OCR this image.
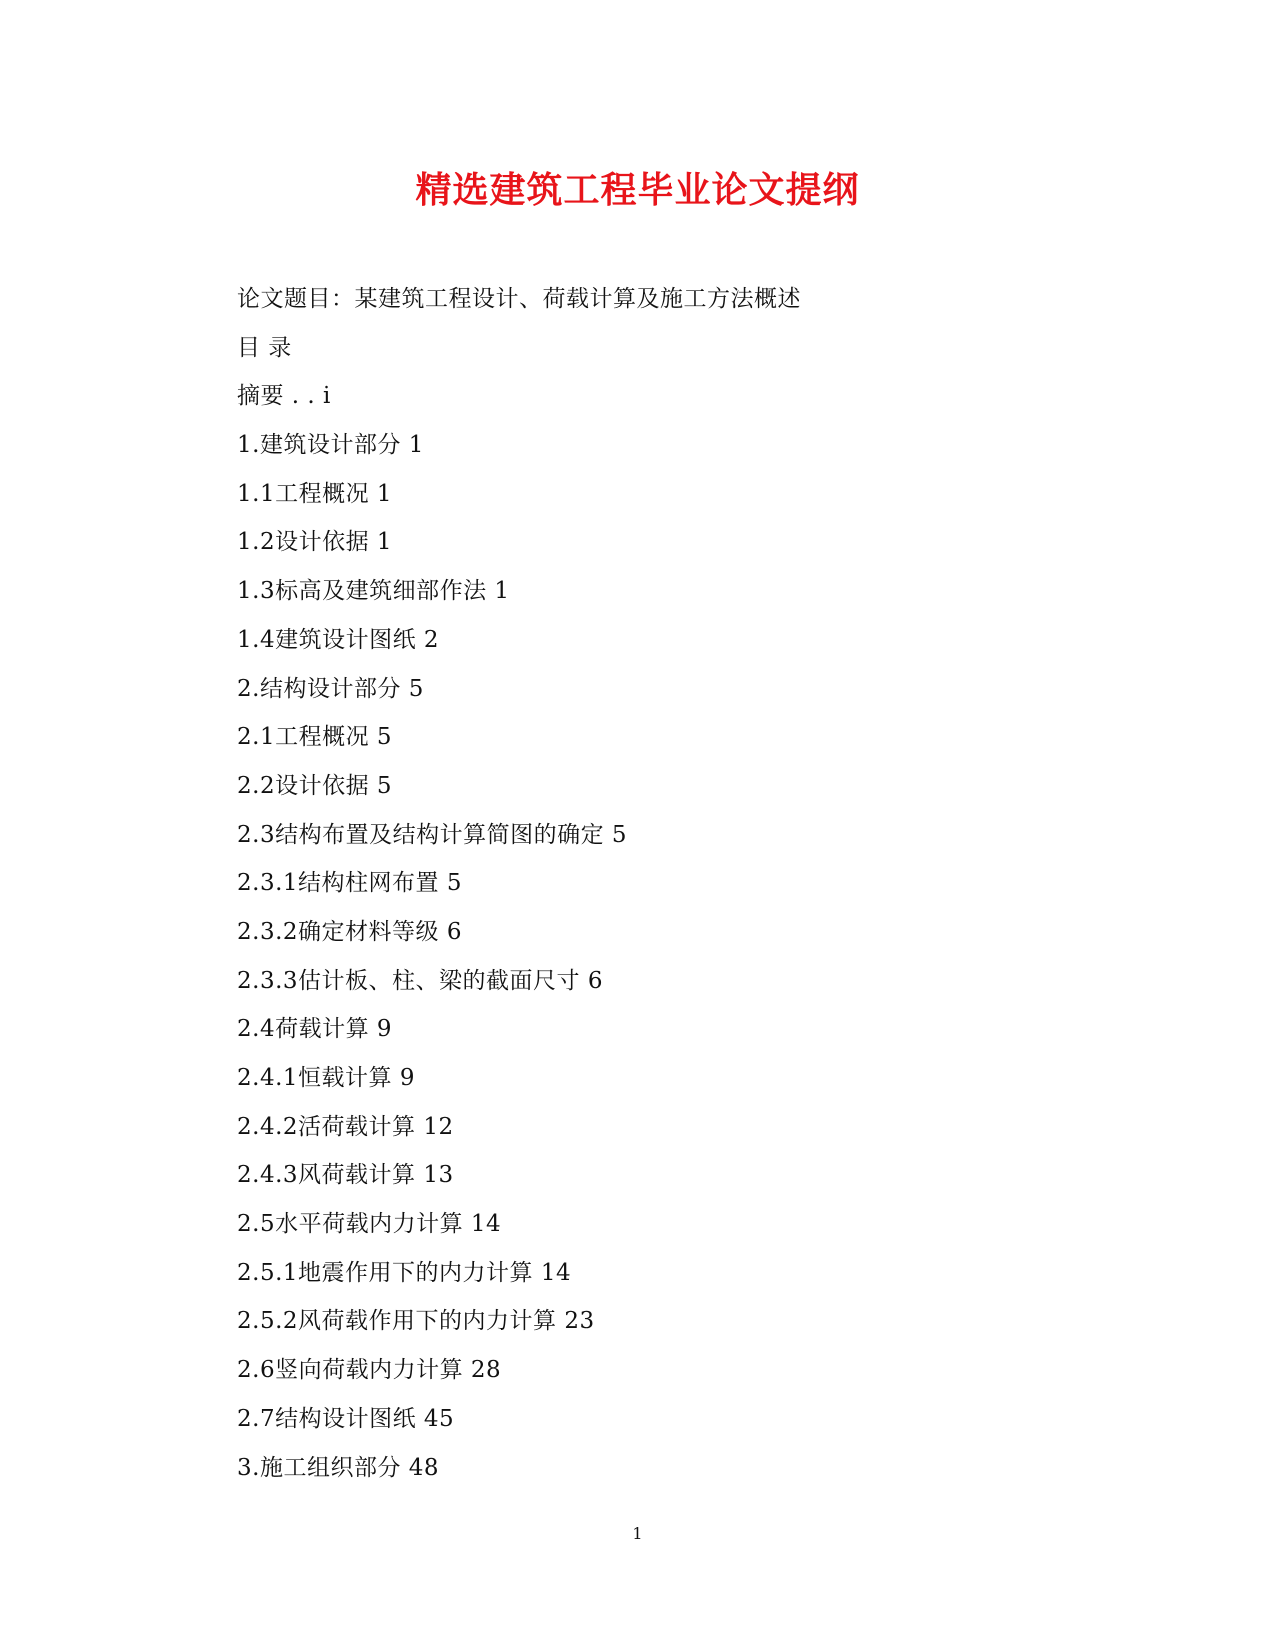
精选建筑工程毕业论文提纲
论文题目：某建筑工程设计、荷载计算及施工方法概述
目 录
摘要 . . i
1.建筑设计部分 1
1.1工程概况 1
1.2设计依据 1
1.3标高及建筑细部作法 1
1.4建筑设计图纸 2
2.结构设计部分 5
2.1工程概况 5
2.2设计依据 5
2.3结构布置及结构计算简图的确定 5
2.3.1结构柱网布置 5
2.3.2确定材料等级 6
2.3.3估计板、柱、梁的截面尺寸 6
2.4荷载计算 9
2.4.1恒载计算 9
2.4.2活荷载计算 12
2.4.3风荷载计算 13
2.5水平荷载内力计算 14
2.5.1地震作用下的内力计算 14
2.5.2风荷载作用下的内力计算 23
2.6竖向荷载内力计算 28
2.7结构设计图纸 45
3.施工组织部分 48
1
